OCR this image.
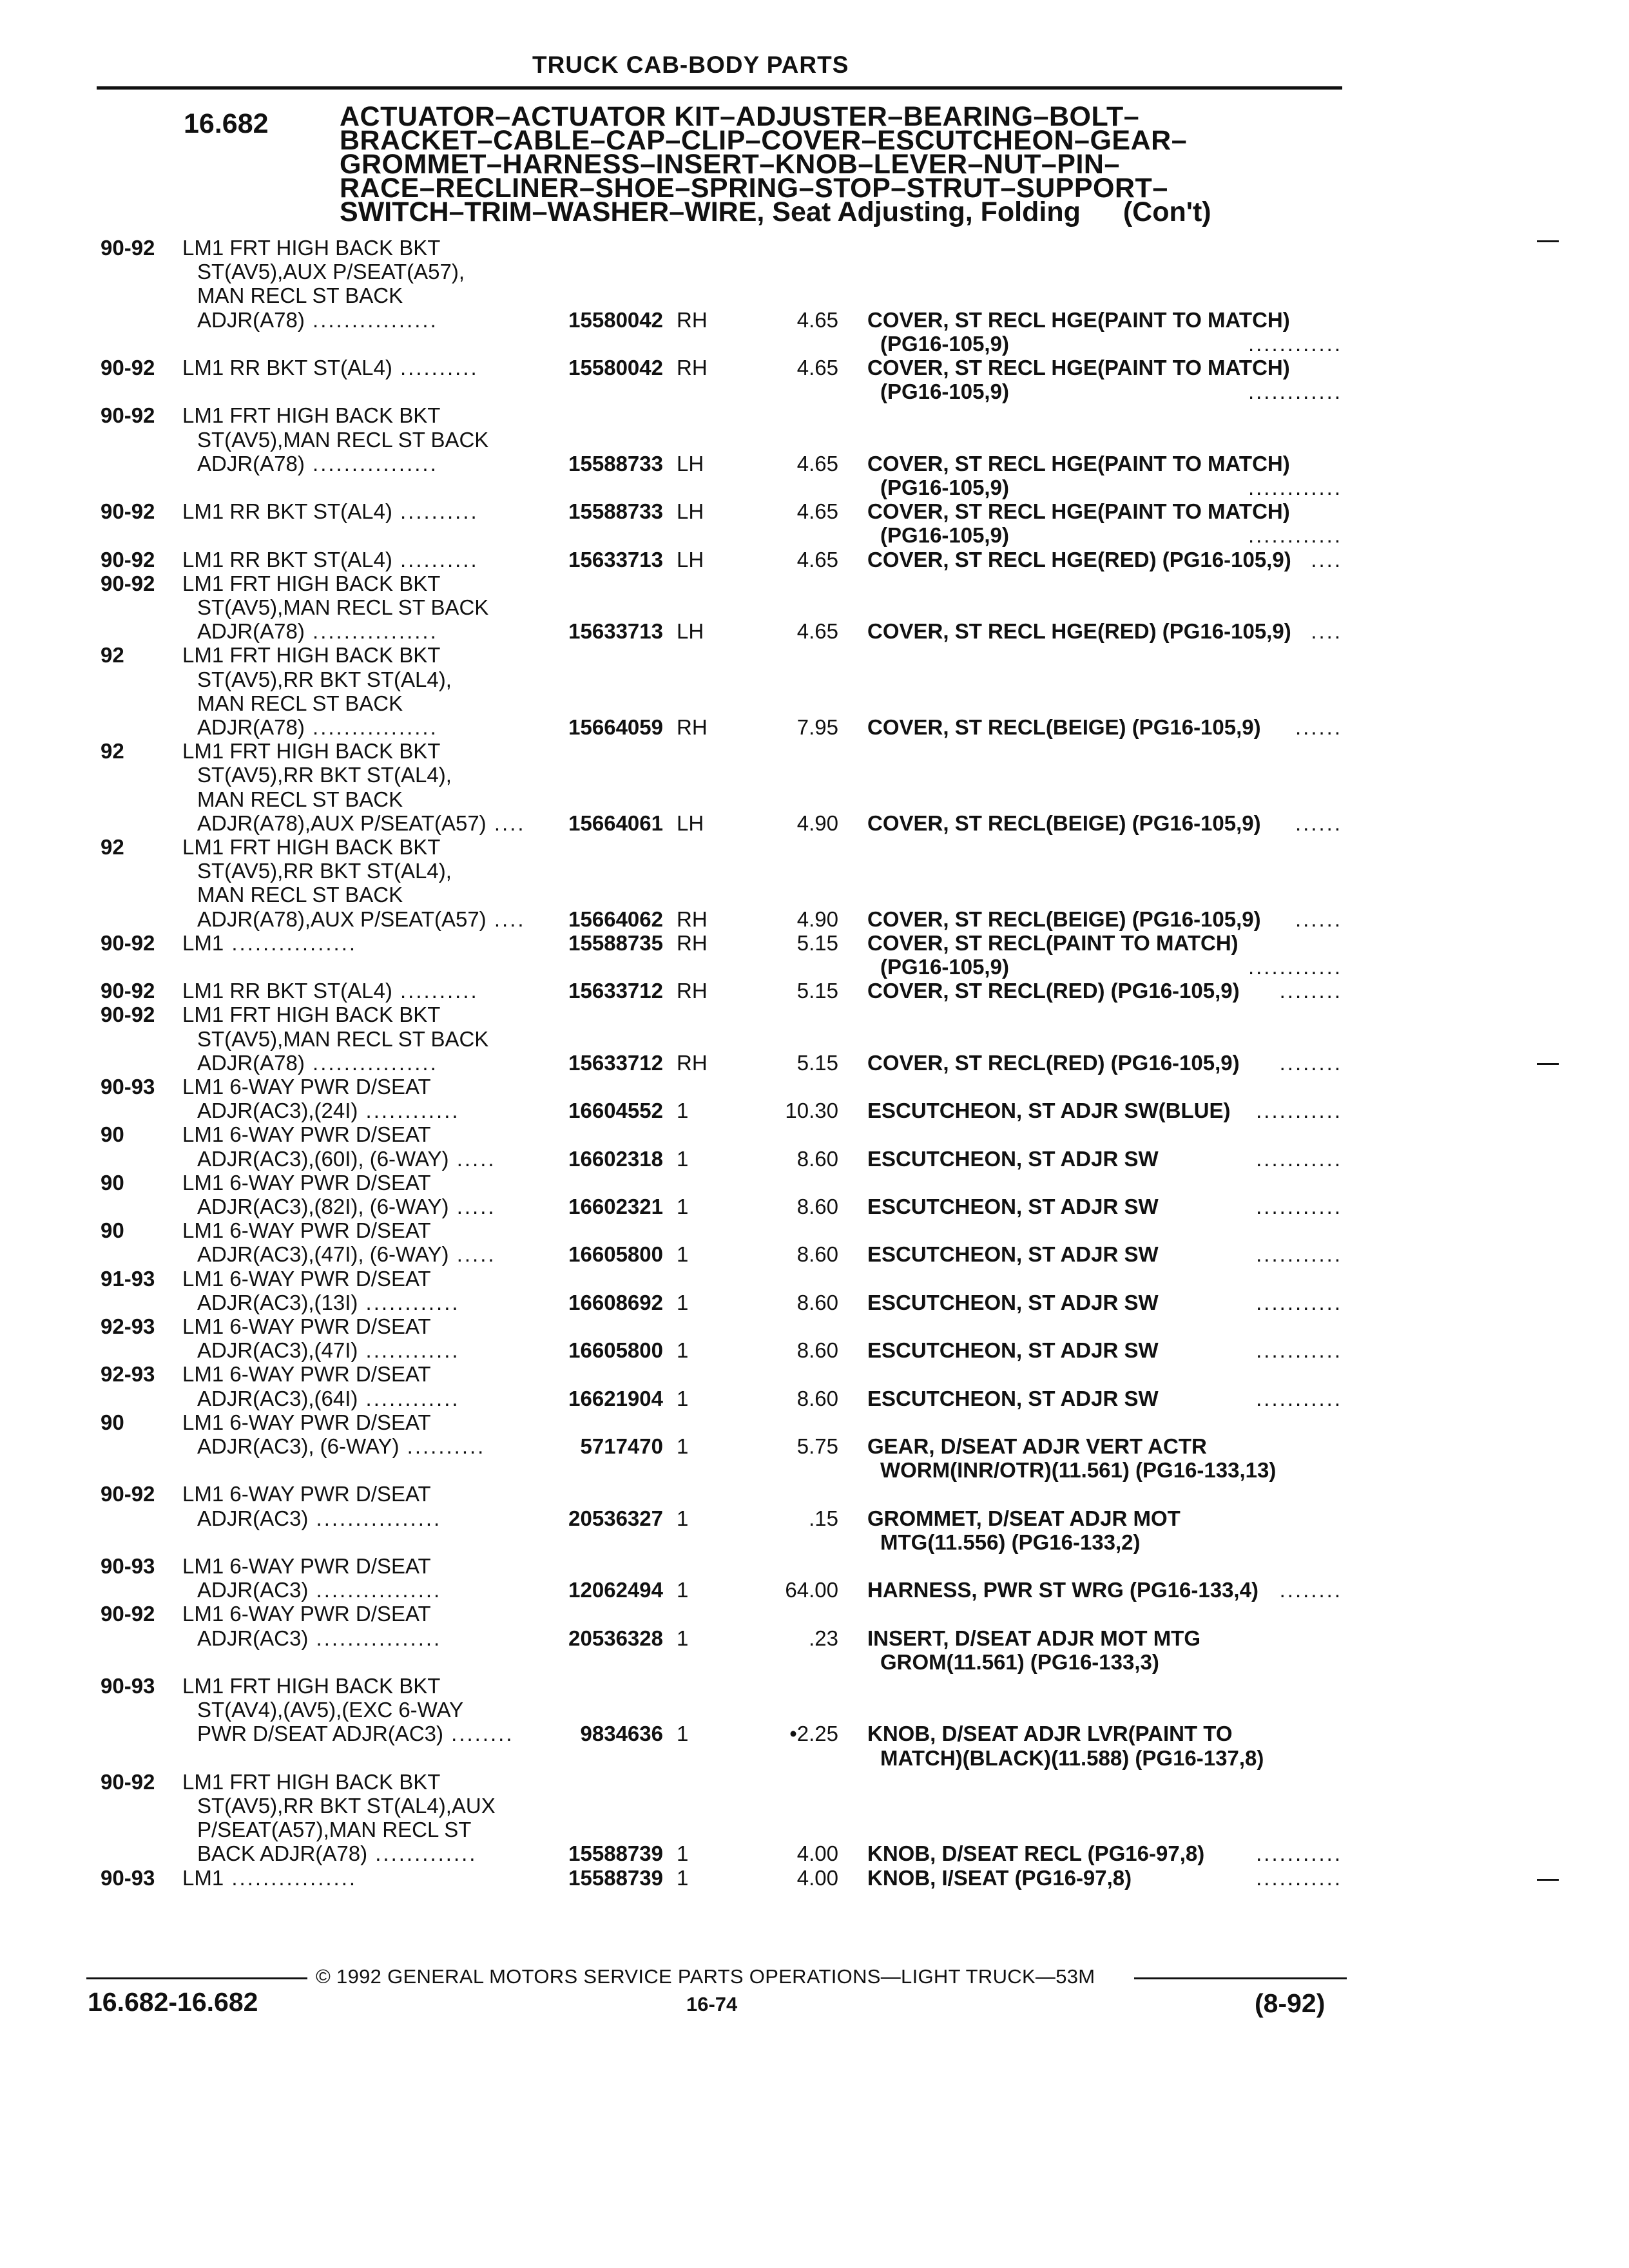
TRUCK CAB-BODY PARTS
16.682	ACTUATOR–ACTUATOR KIT–ADJUSTER–BEARING–BOLT–
BRACKET–CABLE–CAP–CLIP–COVER–ESCUTCHEON–GEAR–
GROMMET–HARNESS–INSERT–KNOB–LEVER–NUT–PIN–
RACE–RECLINER–SHOE–SPRING–STOP–STRUT–SUPPORT–
SWITCH–TRIM–WASHER–WIRE, Seat Adjusting, Folding (Con't)
90-92 LM1 FRT HIGH BACK BKT
ST(AV5),AUX P/SEAT(A57),
MAN RECL ST BACK
ADJR(A78) ................	15580042 RH	4.65 COVER, ST RECL HGE(PAINT TO MATCH)
(PG16-105,9)	............
90-92 LM1 RR BKT ST(AL4) ..........	15580042 RH	4.65 COVER, ST RECL HGE(PAINT TO MATCH)
(PG16-105,9)	............
90-92 LM1 FRT HIGH BACK BKT
ST(AV5),MAN RECL ST BACK
ADJR(A78) ................	15588733 LH	4.65 COVER, ST RECL HGE(PAINT TO MATCH)
(PG16-105,9)	............
90-92 LM1 RR BKT ST(AL4) ..........	15588733 LH	4.65 COVER, ST RECL HGE(PAINT TO MATCH)
(PG16-105,9)	............
90-92 LM1 RR BKT ST(AL4) ..........	15633713 LH	4.65 COVER, ST RECL HGE(RED) (PG16-105,9) ....
90-92 LM1 FRT HIGH BACK BKT
ST(AV5),MAN RECL ST BACK
ADJR(A78) ................	15633713 LH	4.65 COVER, ST RECL HGE(RED) (PG16-105,9) ....
92	LM1 FRT HIGH BACK BKT
ST(AV5),RR BKT ST(AL4),
MAN RECL ST BACK
ADJR(A78) ................	15664059 RH	7.95 COVER, ST RECL(BEIGE) (PG16-105,9) ......
92	LM1 FRT HIGH BACK BKT
ST(AV5),RR BKT ST(AL4),
MAN RECL ST BACK
ADJR(A78),AUX P/SEAT(A57) .... 15664061 LH	4.90 COVER, ST RECL(BEIGE) (PG16-105,9) ......
92	LM1 FRT HIGH BACK BKT
ST(AV5),RR BKT ST(AL4),
MAN RECL ST BACK
ADJR(A78),AUX P/SEAT(A57) .... 15664062 RH	4.90 COVER, ST RECL(BEIGE) (PG16-105,9) ......
90-92 LM1 ................	15588735 RH	5.15 COVER, ST RECL(PAINT TO MATCH)
(PG16-105,9)	............
90-92 LM1 RR BKT ST(AL4) ..........	15633712 RH	5.15 COVER, ST RECL(RED) (PG16-105,9) ........
90-92 LM1 FRT HIGH BACK BKT
ST(AV5),MAN RECL ST BACK
ADJR(A78) ................	15633712 RH	5.15 COVER, ST RECL(RED) (PG16-105,9) ........
90-93 LM1 6-WAY PWR D/SEAT
ADJR(AC3),(24I) ............	16604552 1	10.30 ESCUTCHEON, ST ADJR SW(BLUE) ...........
90	LM1 6-WAY PWR D/SEAT
ADJR(AC3),(60I), (6-WAY) .....	16602318 1	8.60 ESCUTCHEON, ST ADJR SW	...........
90	LM1 6-WAY PWR D/SEAT
ADJR(AC3),(82I), (6-WAY) .....	16602321 1	8.60 ESCUTCHEON, ST ADJR SW	...........
90	LM1 6-WAY PWR D/SEAT
ADJR(AC3),(47I), (6-WAY) .....	16605800 1	8.60 ESCUTCHEON, ST ADJR SW	...........
91-93 LM1 6-WAY PWR D/SEAT
ADJR(AC3),(13I) ............	16608692 1	8.60 ESCUTCHEON, ST ADJR SW	...........
92-93 LM1 6-WAY PWR D/SEAT
ADJR(AC3),(47I) ............	16605800 1	8.60 ESCUTCHEON, ST ADJR SW	...........
92-93 LM1 6-WAY PWR D/SEAT
ADJR(AC3),(64I) ............	16621904 1	8.60 ESCUTCHEON, ST ADJR SW	...........
90	LM1 6-WAY PWR D/SEAT
ADJR(AC3), (6-WAY) ..........	5717470 1	5.75 GEAR, D/SEAT ADJR VERT ACTR
WORM(INR/OTR)(11.561) (PG16-133,13)
90-92 LM1 6-WAY PWR D/SEAT
ADJR(AC3) ................	20536327 1	.15 GROMMET, D/SEAT ADJR MOT
MTG(11.556) (PG16-133,2)
90-93 LM1 6-WAY PWR D/SEAT
ADJR(AC3) ................	12062494 1	64.00 HARNESS, PWR ST WRG (PG16-133,4) ........
90-92 LM1 6-WAY PWR D/SEAT
ADJR(AC3) ................	20536328 1	.23 INSERT, D/SEAT ADJR MOT MTG
GROM(11.561) (PG16-133,3)
90-93 LM1 FRT HIGH BACK BKT
ST(AV4),(AV5),(EXC 6-WAY
PWR D/SEAT ADJR(AC3) ........	9834636 1	•2.25 KNOB, D/SEAT ADJR LVR(PAINT TO
MATCH)(BLACK)(11.588) (PG16-137,8)
90-92 LM1 FRT HIGH BACK BKT
ST(AV5),RR BKT ST(AL4),AUX
P/SEAT(A57),MAN RECL ST
BACK ADJR(A78) .............	15588739 1	4.00 KNOB, D/SEAT RECL (PG16-97,8) ...........
90-93 LM1 ................	15588739 1	4.00 KNOB, I/SEAT (PG16-97,8)	...........
© 1992 GENERAL MOTORS SERVICE PARTS OPERATIONS—LIGHT TRUCK—53M
16.682-16.682	16-74	(8-92)
